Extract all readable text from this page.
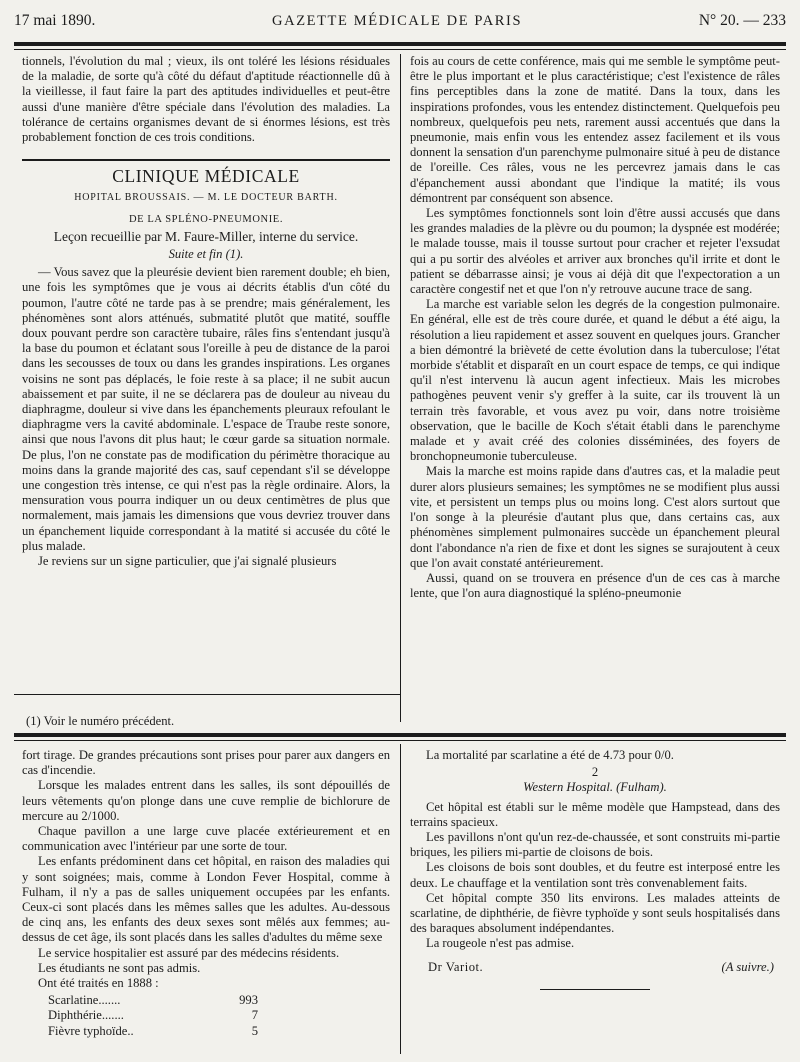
17 mai 1890.	GAZETTE MÉDICALE DE PARIS	N° 20. — 233

tionnels, l'évolution du mal ; vieux, ils ont toléré les lésions résiduales de la maladie, de sorte qu'à côté du défaut d'aptitude réactionnelle dû à la vieillesse, il faut faire la part des aptitudes individuelles et peut-être aussi d'une manière d'être spéciale dans l'évolution des maladies. La tolérance de certains organismes devant de si énormes lésions, est très probablement fonction de ces trois conditions.

CLINIQUE MÉDICALE
HOPITAL BROUSSAIS. — M. LE DOCTEUR BARTH.
DE LA SPLÉNO-PNEUMONIE.
Leçon recueillie par M. Faure-Miller, interne du service.
Suite et fin (1).

— Vous savez que la pleurésie devient bien rarement double; eh bien, une fois les symptômes que je vous ai décrits établis d'un côté du poumon, l'autre côté ne tarde pas à se prendre; mais généralement, les phénomènes sont alors atténués, submatité plutôt que matité, souffle doux pouvant perdre son caractère tubaire, râles fins s'entendant jusqu'à la base du poumon et éclatant sous l'oreille à peu de distance de la paroi dans les secousses de toux ou dans les grandes inspirations. Les organes voisins ne sont pas déplacés, le foie reste à sa place; il ne subit aucun abaissement et par suite, il ne se déclarera pas de douleur au niveau du diaphragme, douleur si vive dans les épanchements pleuraux refoulant le diaphragme vers la cavité abdominale. L'espace de Traube reste sonore, ainsi que nous l'avons dit plus haut; le cœur garde sa situation normale. De plus, l'on ne constate pas de modification du périmètre thoracique au moins dans la grande majorité des cas, sauf cependant s'il se développe une congestion très intense, ce qui n'est pas la règle ordinaire. Alors, la mensuration vous pourra indiquer un ou deux centimètres de plus que normalement, mais jamais les dimensions que vous devriez trouver dans un épanchement liquide correspondant à la matité si accusée du côté le plus malade.

Je reviens sur un signe particulier, que j'ai signalé plusieurs

(1) Voir le numéro précédent.

fois au cours de cette conférence, mais qui me semble le symptôme peut-être le plus important et le plus caractéristique; c'est l'existence de râles fins perceptibles dans la zone de matité. Dans la toux, dans les inspirations profondes, vous les entendez distinctement. Quelquefois peu nombreux, quelquefois peu nets, rarement aussi accentués que dans la pneumonie, mais enfin vous les entendez assez facilement et ils vous donnent la sensation d'un parenchyme pulmonaire situé à peu de distance de l'oreille. Ces râles, vous ne les percevrez jamais dans le cas d'épanchement aussi abondant que l'indique la matité; ils vous démontrent par conséquent son absence.

Les symptômes fonctionnels sont loin d'être aussi accusés que dans les grandes maladies de la plèvre ou du poumon; la dyspnée est modérée; le malade tousse, mais il tousse surtout pour cracher et rejeter l'exsudat qui a pu sortir des alvéoles et arriver aux bronches qu'il irrite et dont le patient se débarrasse ainsi; je vous ai déjà dit que l'expectoration a un caractère congestif net et que l'on n'y retrouve aucune trace de sang.

La marche est variable selon les degrés de la congestion pulmonaire. En général, elle est de très coure durée, et quand le début a été aigu, la résolution a lieu rapidement et assez souvent en quelques jours. Grancher a bien démontré la brièveté de cette évolution dans la tuberculose; l'état morbide s'établit et disparaît en un court espace de temps, ce qui indique qu'il n'est intervenu là aucun agent infectieux. Mais les microbes pathogènes peuvent venir s'y greffer à la suite, car ils trouvent là un terrain très favorable, et vous avez pu voir, dans notre troisième observation, que le bacille de Koch s'était établi dans le parenchyme malade et y avait créé des colonies disséminées, des foyers de bronchopneumonie tuberculeuse.

Mais la marche est moins rapide dans d'autres cas, et la maladie peut durer alors plusieurs semaines; les symptômes ne se modifient plus aussi vite, et persistent un temps plus ou moins long. C'est alors surtout que l'on songe à la pleurésie d'autant plus que, dans certains cas, aux phénomènes simplement pulmonaires succède un épanchement pleural dont l'abondance n'a rien de fixe et dont les signes se surajoutent à ceux que l'on avait constaté antérieurement.

Aussi, quand on se trouvera en présence d'un de ces cas à marche lente, que l'on aura diagnostiqué la spléno-pneumonie

fort tirage. De grandes précautions sont prises pour parer aux dangers en cas d'incendie.

Lorsque les malades entrent dans les salles, ils sont dépouillés de leurs vêtements qu'on plonge dans une cuve remplie de bichlorure de mercure au 2/1000.

Chaque pavillon a une large cuve placée extérieurement et en communication avec l'intérieur par une sorte de tour.

Les enfants prédominent dans cet hôpital, en raison des maladies qui y sont soignées; mais, comme à London Fever Hospital, comme à Fulham, il n'y a pas de salles uniquement occupées par les enfants. Ceux-ci sont placés dans les mêmes salles que les adultes. Au-dessous de cinq ans, les enfants des deux sexes sont mêlés aux femmes; au-dessus de cet âge, ils sont placés dans les salles d'adultes du même sexe

Le service hospitalier est assuré par des médecins résidents.

Les étudiants ne sont pas admis.

Ont été traités en 1888 :

Scarlatine.......	993
Diphthérie.......	7
Fièvre typhoïde..	5

La mortalité par scarlatine a été de 4.73 pour 0/0.

2
Western Hospital. (Fulham).

Cet hôpital est établi sur le même modèle que Hampstead, dans des terrains spacieux.

Les pavillons n'ont qu'un rez-de-chaussée, et sont construits mi-partie briques, les piliers mi-partie de cloisons de bois.

Les cloisons de bois sont doubles, et du feutre est interposé entre les deux. Le chauffage et la ventilation sont très convenablement faits.

Cet hôpital compte 350 lits environs. Les malades atteints de scarlatine, de diphthérie, de fièvre typhoïde y sont seuls hospitalisés dans des baraques absolument indépendantes.

La rougeole n'est pas admise.

Dr Variot.	(A suivre.)
